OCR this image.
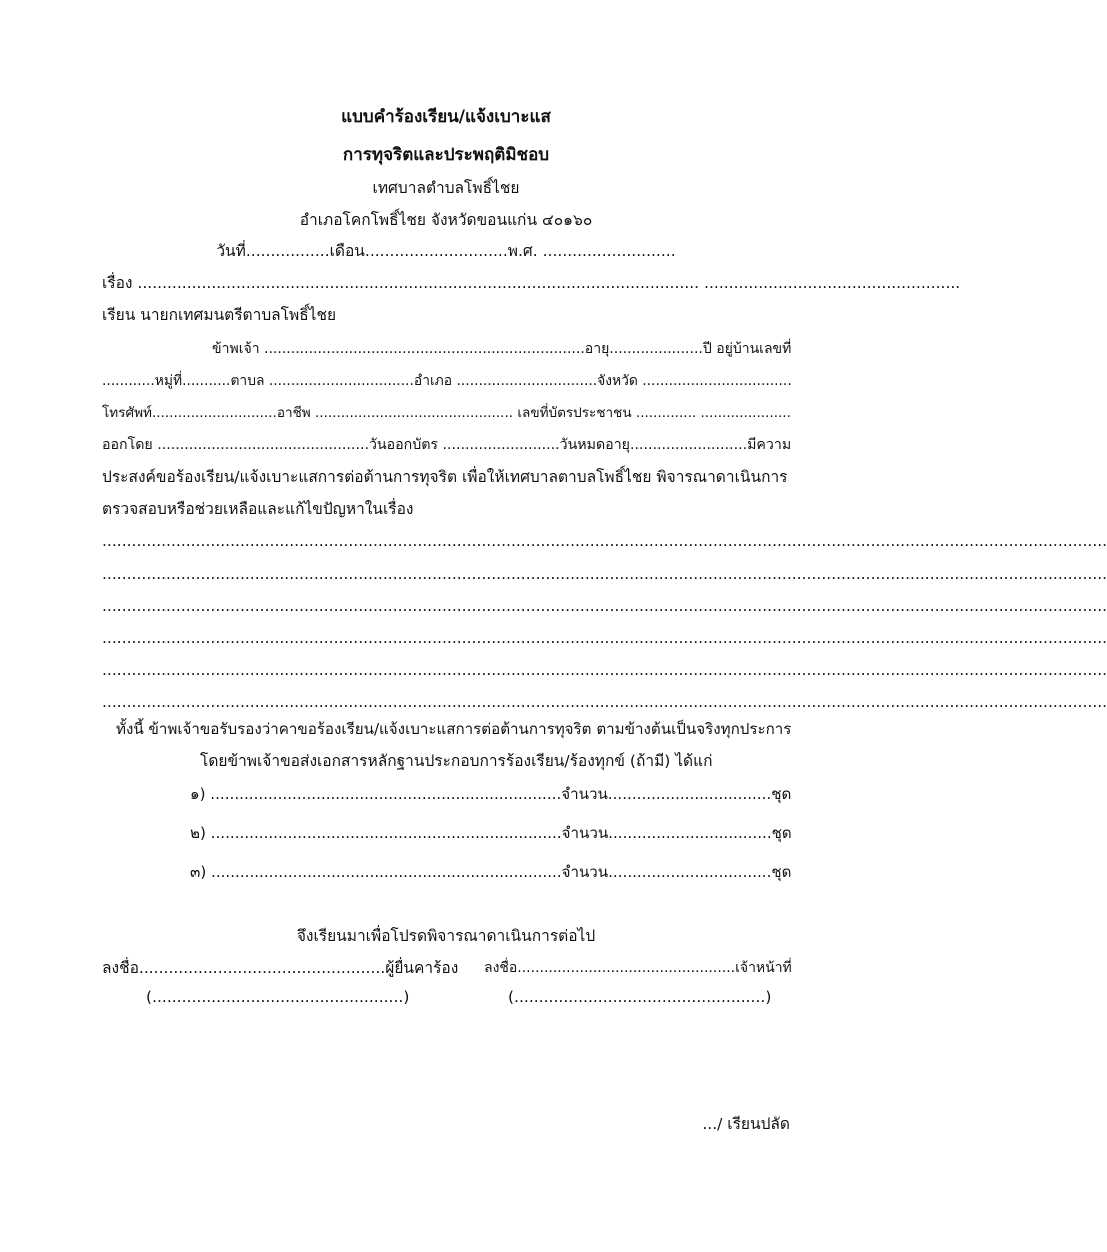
แบบคำร้องเรียน/แจ้งเบาะแส
การทุจริตและประพฤติมิชอบ
เทศบาลตำบลโพธิ์ไชย
อำเภอโคกโพธิ์ไชย จังหวัดขอนแก่น ๔๐๑๖๐
วันที่.................เดือน.............................พ.ศ. ...........................
เรื่อง .................................................................................................................. ....................................................
เรียน นายกเทศมนตรีตาบลโพธิ์ไชย
ข้าพเจ้า ........................................................................อายุ.....................ปี อยู่บ้านเลขที่
............หมู่ที่...........ตาบล .................................อำเภอ ................................จังหวัด ..................................
โทรศัพท์.............................อาชีพ .............................................. เลขที่บัตรประชาชน .............. .....................
ออกโดย ...............................................วันออกบัตร ..........................วันหมดอายุ..........................มีความ
ประสงค์ขอร้องเรียน/แจ้งเบาะแสการต่อต้านการทุจริต เพื่อให้เทศบาลตาบลโพธิ์ไชย พิจารณาดาเนินการ
ตรวจสอบหรือช่วยเหลือและแก้ไขปัญหาในเรื่อง
............................................................................................................................................................................................................
............................................................................................................................................................................................................
............................................................................................................................................................................................................
............................................................................................................................................................................................................
............................................................................................................................................................................................................
............................................................................................................................................................................................................
ทั้งนี้ ข้าพเจ้าขอรับรองว่าคาขอร้องเรียน/แจ้งเบาะแสการต่อต้านการทุจริต ตามข้างต้นเป็นจริงทุกประการ
โดยข้าพเจ้าขอส่งเอกสารหลักฐานประกอบการร้องเรียน/ร้องทุกข์ (ถ้ามี) ได้แก่
๑) .........................................................................จำนวน..................................ชุด
๒) .........................................................................จำนวน..................................ชุด
๓) .........................................................................จำนวน..................................ชุด
จึงเรียนมาเพื่อโปรดพิจารณาดาเนินการต่อไป
ลงชื่อ..................................................ผู้ยื่นคาร้อง ลงชื่อ.................................................เจ้าหน้าที่
(...................................................)	(...................................................)
.../ เรียนปลัด
